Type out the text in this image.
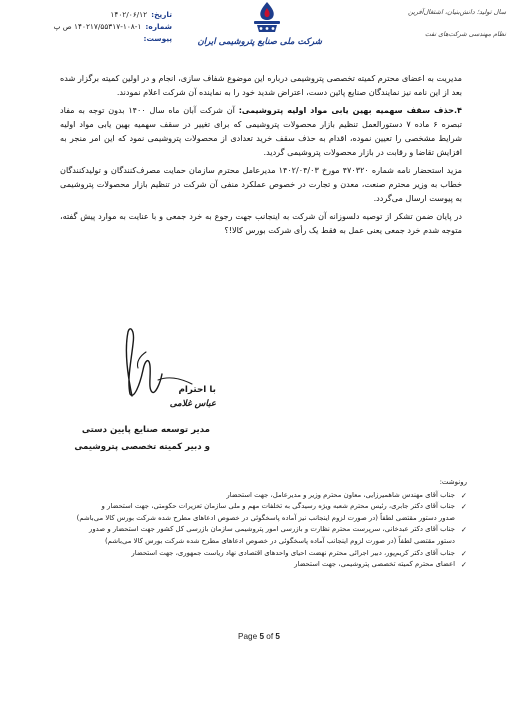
سال تولید؛ دانش‌بنیان، اشتغال‌آفرین
نظام مهندسی شرکت‌های نفت
شرکت ملی صنایع پتروشیمی ایران
تاریخ:
۱۴۰۲/۰۶/۱۲
شماره:
۱۴۰۲۱۷/۵۵۳۱۷-۱۰۸-۱ ص پ
پیوست:

مدیریت به اعضای محترم کمیته تخصصی پتروشیمی درباره این موضوع شفاف سازی، انجام و در اولین کمیته برگزار شده بعد از این نامه نیز نمایندگان صنایع پائین دست، اعتراض شدید خود را به نماینده آن شرکت اعلام نمودند.

۴.حذف سقف سهمیه بهین یابی مواد اولیه پتروشیمی: آن شرکت آبان ماه سال ۱۴۰۰ بدون توجه به مفاد تبصره ۶ ماده ۷ دستورالعمل تنظیم بازار محصولات پتروشیمی که برای تغییر در سقف سهمیه بهین یابی مواد اولیه شرایط مشخصی را تعیین نموده، اقدام به حذف سقف خرید تعدادی از محصولات پتروشیمی نمود که این امر منجر به افزایش تقاضا و رقابت در بازار محصولات پتروشیمی گردید.

مزید استحضار نامه شماره ۴۷۰۳۲۰ مورخ ۱۴۰۲/۰۴/۰۳ مدیرعامل محترم سازمان حمایت مصرف‌کنندگان و تولیدکنندگان خطاب به وزیر محترم صنعت، معدن و تجارت در خصوص عملکرد منفی آن شرکت در تنظیم بازار محصولات پتروشیمی به پیوست ارسال می‌گردد.

در پایان ضمن تشکر از توصیه دلسوزانه آن شرکت به اینجانب جهت رجوع به خرد جمعی و با عنایت به موارد پیش گفته، متوجه شدم خرد جمعی یعنی عمل به فقط یک رأی شرکت بورس کالا!؟

با احترام
عباس غلامی
مدیر توسعه صنایع پایین دستی
و دبیر کمیته تخصصی پتروشیمی
رونوشت:
✓
جناب آقای مهندس شاهمیرزایی، معاون محترم وزیر و مدیرعامل، جهت استحضار
✓
جناب آقای دکتر جابری، رئیس محترم شعبه ویژه رسیدگی به تخلفات مهم و ملی سازمان تعزیرات حکومتی، جهت استحضار و
صدور دستور مقتضی لطفاً (در صورت لزوم اینجانب نیز آماده پاسخگوئی در خصوص ادعاهای مطرح شده شرکت بورس کالا می‌باشم)
✓
جناب آقای دکتر عبدخانی، سرپرست محترم نظارت و بازرسی امور پتروشیمی سازمان بازرسی کل کشور جهت استحضار و صدور
دستور مقتضی لطفاً (در صورت لزوم اینجانب آماده پاسخگوئی در خصوص ادعاهای مطرح شده شرکت بورس کالا می‌باشم)
✓
جناب آقای دکتر کریم‌پور، دبیر اجرائی محترم نهضت احیای واحدهای اقتصادی نهاد ریاست جمهوری، جهت استحضار
✓
اعضای محترم کمیته تخصصی پتروشیمی، جهت استحضار
Page 5 of 5
